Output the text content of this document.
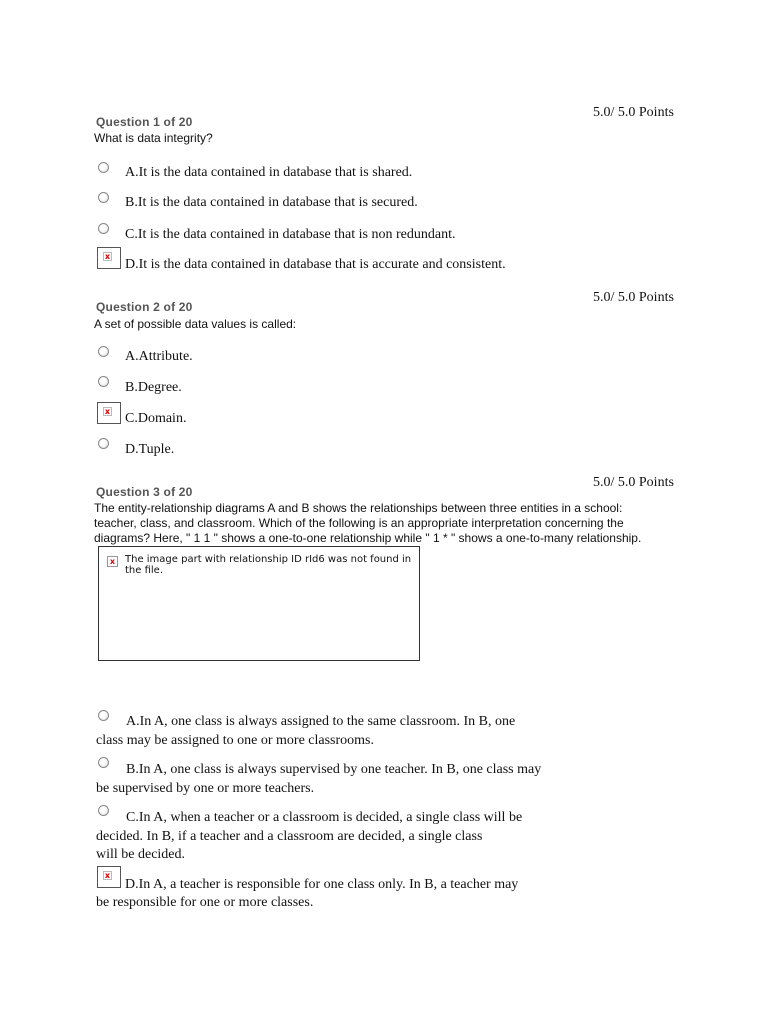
Question 1 of 20
5.0/ 5.0 Points
What is data integrity?
A.It is the data contained in database that is shared.
B.It is the data contained in database that is secured.
C.It is the data contained in database that is non redundant.
x
D.It is the data contained in database that is accurate and consistent.
Question 2 of 20
5.0/ 5.0 Points
A set of possible data values is called:
A.Attribute.
B.Degree.
x C.Domain.
D.Tuple.
Question 3 of 20
5.0/ 5.0 Points
The entity-relationship diagrams A and B shows the relationships between three entities in a school:
teacher, class, and classroom. Which of the following is an appropriate interpretation concerning the
diagrams? Here, " 1 1 " shows a one-to-one relationship while " 1 * " shows a one-to-many relationship.
x The image part with relationship ID rId6 was not found in the file.
A.In A, one class is always assigned to the same classroom. In B, one
class may be assigned to one or more classrooms.
B.In A, one class is always supervised by one teacher. In B, one class may
be supervised by one or more teachers.
C.In A, when a teacher or a classroom is decided, a single class will be
decided. In B, if a teacher and a classroom are decided, a single class
will be decided.
x
D.In A, a teacher is responsible for one class only. In B, a teacher may
be responsible for one or more classes.
